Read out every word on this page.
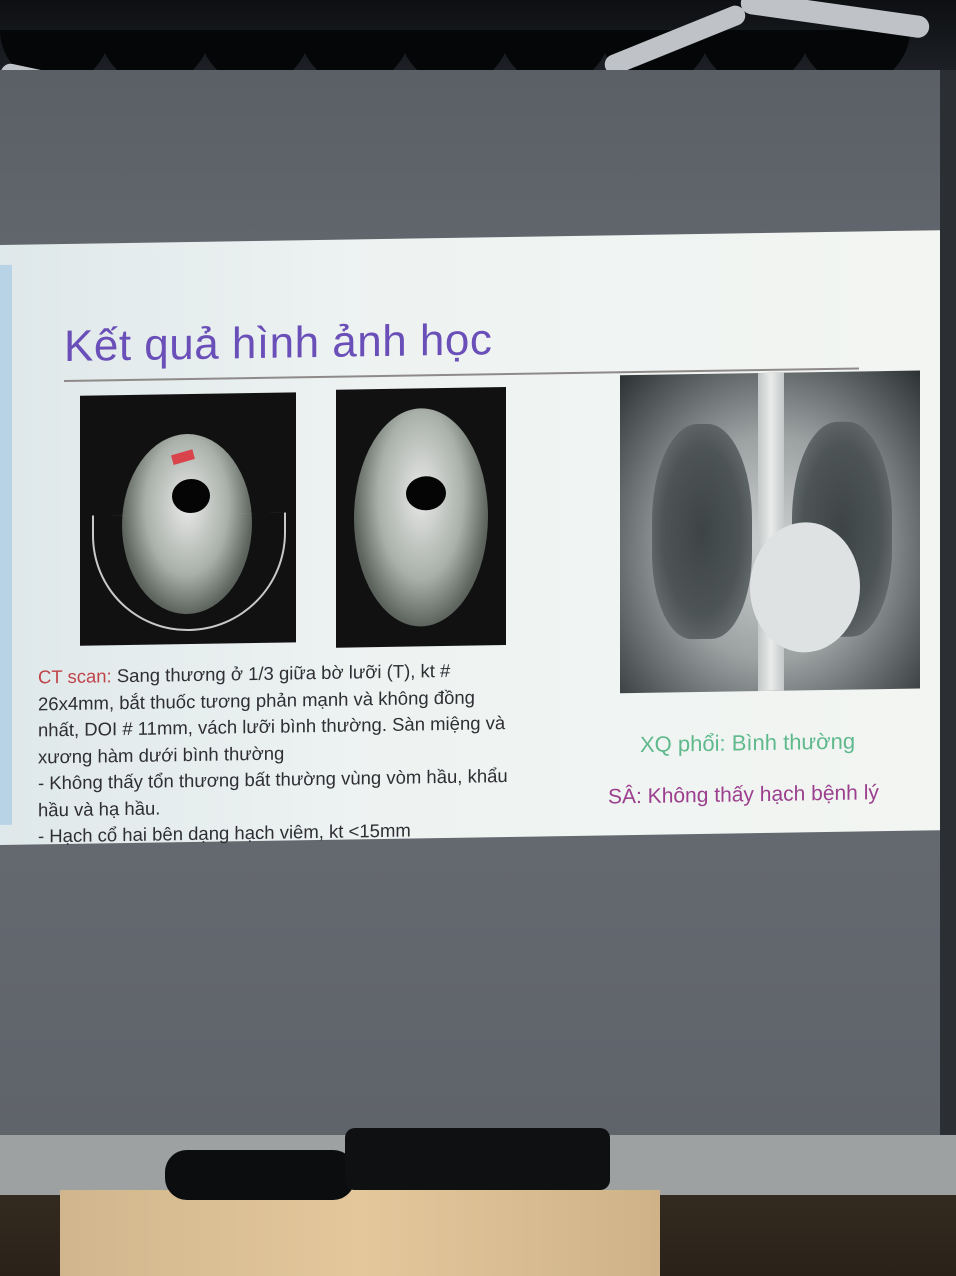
Kết quả hình ảnh học
CT scan: Sang thương ở 1/3 giữa bờ lưỡi (T), kt #
26x4mm, bắt thuốc tương phản mạnh và không đồng
nhất, DOI # 11mm, vách lưỡi bình thường. Sàn miệng và
xương hàm dưới bình thường
- Không thấy tổn thương bất thường vùng vòm hầu, khẩu
hầu và hạ hầu.
- Hạch cổ hai bên dạng hạch viêm, kt <15mm
XQ phổi: Bình thường
SÂ: Không thấy hạch bệnh lý
